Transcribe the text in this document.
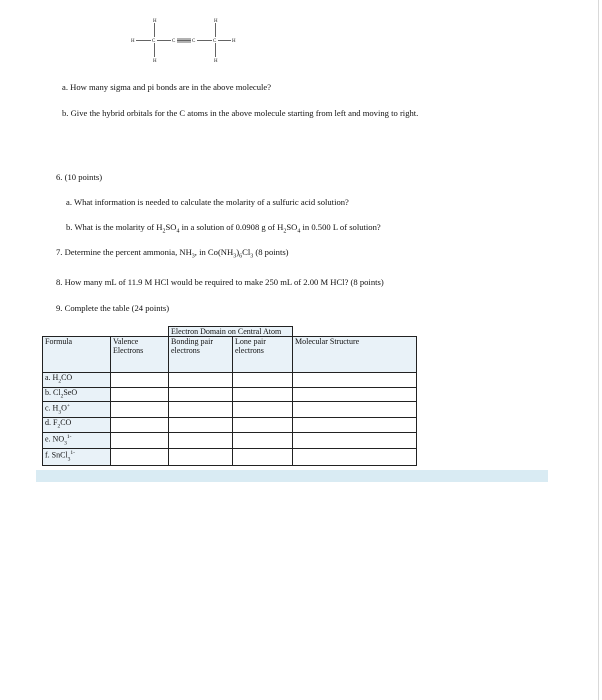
H	C	C	C	C	H
H	H
H	H
a. How many sigma and pi bonds are in the above molecule?
b. Give the hybrid orbitals for the C atoms in the above molecule starting from left and moving to right.
6. (10 points)
a. What information is needed to calculate the molarity of a sulfuric acid solution?
b. What is the molarity of $H_2SO_4$ in a solution of 0.0908 g of $H_2SO_4$ in 0.500 L of solution?
7. Determine the percent ammonia, $NH_3$, in $Co(NH_3)_6Cl_3$ (8 points)
8. How many mL of 11.9 M HCl would be required to make 250 mL of 2.00 M HCl? (8 points)
9. Complete the table (24 points)
		Electron Domain on Central Atom		
Formula	Valence Electrons	Bonding pair electrons	Lone pair electrons	Molecular Structure
a. $H_2CO$				
b. $Cl_2SeO$				
c. $H_3O^+$				
d. $F_2CO$				
e. $NO_3^{1-}$				
f. SnCl$_3^{1-}$				
